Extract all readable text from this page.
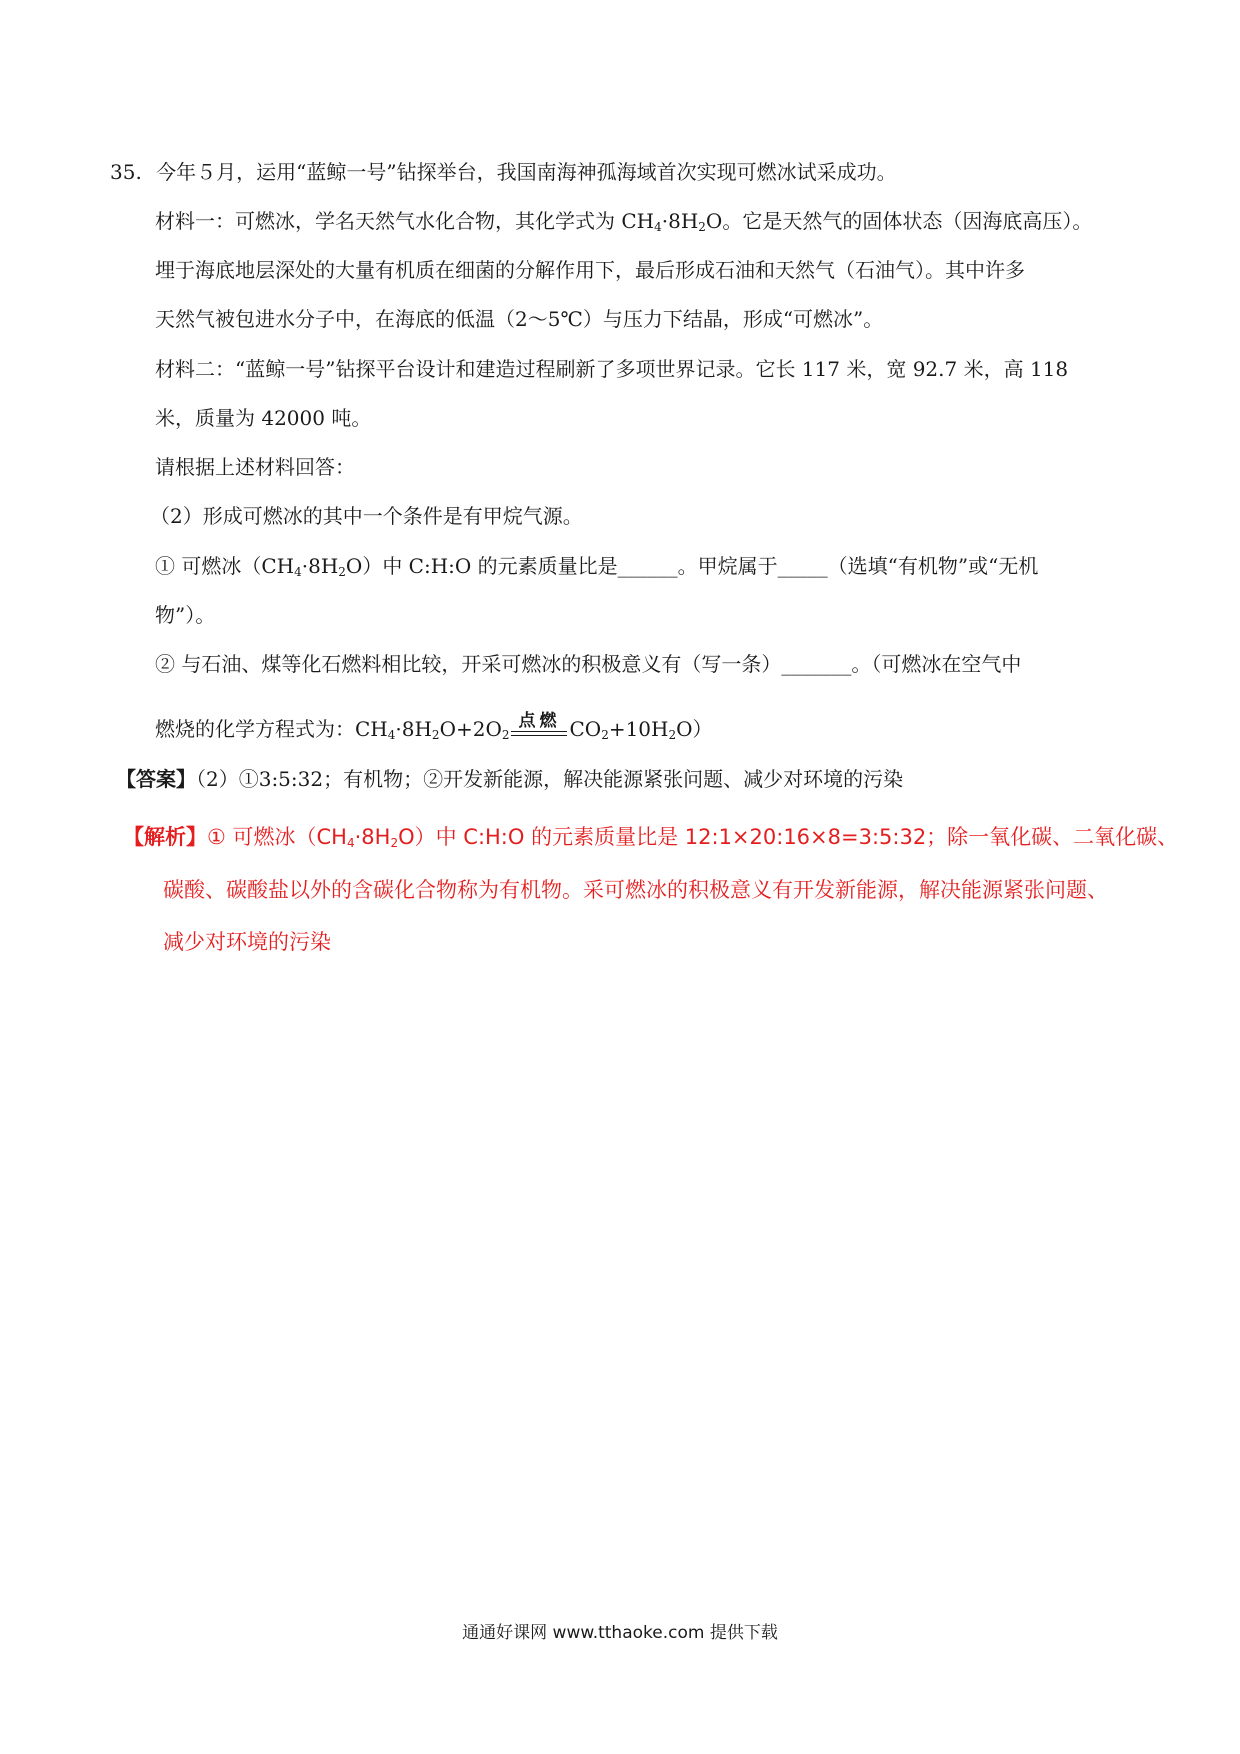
35. 今年５月，运用“蓝鲸一号”钻探举台，我国南海神孤海域首次实现可燃冰试采成功。
材料一：可燃冰，学名天然气水化合物，其化学式为 $CH_4\cdot 8H_2O$。它是天然气的固体状态（因海底高压）。
埋于海底地层深处的大量有机质在细菌的分解作用下，最后形成石油和天然气（石油气）。其中许多
天然气被包进水分子中，在海底的低温（2～5℃）与压力下结晶，形成“可燃冰”。
材料二：“蓝鲸一号”钻探平台设计和建造过程刷新了多项世界记录。它长 117 米，宽 92.7 米，高 118
米，质量为 42000 吨。
请根据上述材料回答：
（2）形成可燃冰的其中一个条件是有甲烷气源。
① 可燃冰$(CH_4\cdot 8H_2O)$中 C:H:O 的元素质量比是______。甲烷属于_____（选填“有机物”或“无机
物”）。
② 与石油、煤等化石燃料相比较，开采可燃冰的积极意义有（写一条）_______。（可燃冰在空气中
燃烧的化学方程式为：$CH_4\cdot 8H_2O+2O_2$
点燃 $CO_2+10H_2O$）
【答案】（2）①3:5:32；有机物；②开发新能源，解决能源紧张问题、减少对环境的污染
【解析】① 可燃冰$(CH_4\cdot 8H_2O)$中 C:H:O 的元素质量比是 12:1×20:16×8=3:5:32；除一氧化碳、二氧化碳、
碳酸、碳酸盐以外的含碳化合物称为有机物。采可燃冰的积极意义有开发新能源，解决能源紧张问题、
减少对环境的污染
通通好课网 www.tthaoke.com 提供下载
